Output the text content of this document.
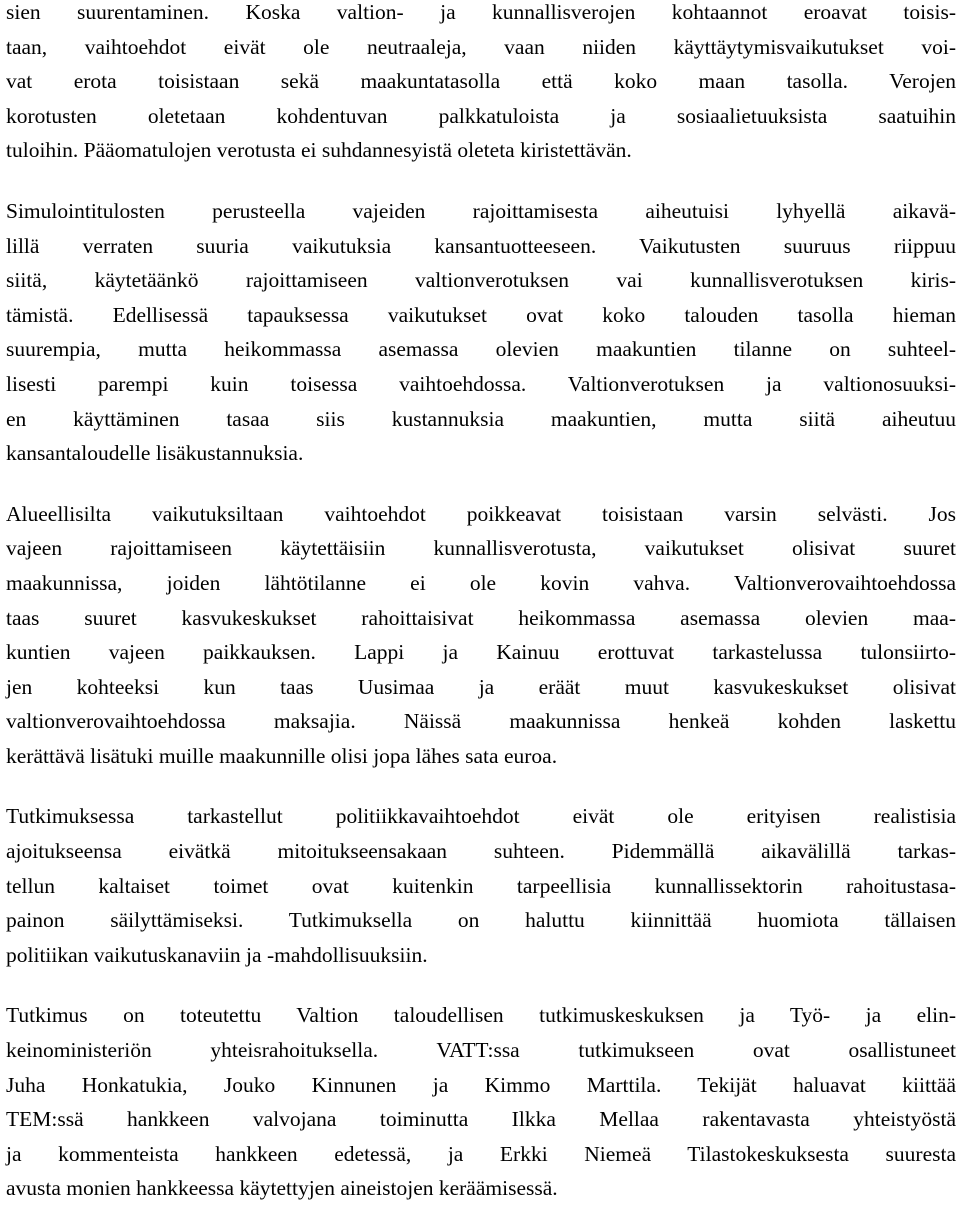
sien suurentaminen. Koska valtion- ja kunnallisverojen kohtaannot eroavat toisis-
taan, vaihtoehdot eivät ole neutraaleja, vaan niiden käyttäytymisvaikutukset voi-
vat erota toisistaan sekä maakuntatasolla että koko maan tasolla. Verojen
korotusten oletetaan kohdentuvan palkkatuloista ja sosiaalietuuksista saatuihin
tuloihin. Pääomatulojen verotusta ei suhdannesyistä oleteta kiristettävän.
Simulointitulosten perusteella vajeiden rajoittamisesta aiheutuisi lyhyellä aikavä-
lillä verraten suuria vaikutuksia kansantuotteeseen. Vaikutusten suuruus riippuu
siitä, käytetäänkö rajoittamiseen valtionverotuksen vai kunnallisverotuksen kiris-
tämistä. Edellisessä tapauksessa vaikutukset ovat koko talouden tasolla hieman
suurempia, mutta heikommassa asemassa olevien maakuntien tilanne on suhteel-
lisesti parempi kuin toisessa vaihtoehdossa. Valtionverotuksen ja valtionosuuksi-
en käyttäminen tasaa siis kustannuksia maakuntien, mutta siitä aiheutuu
kansantaloudelle lisäkustannuksia.
Alueellisilta vaikutuksiltaan vaihtoehdot poikkeavat toisistaan varsin selvästi. Jos
vajeen rajoittamiseen käytettäisiin kunnallisverotusta, vaikutukset olisivat suuret
maakunnissa, joiden lähtötilanne ei ole kovin vahva. Valtionverovaihtoehdossa
taas suuret kasvukeskukset rahoittaisivat heikommassa asemassa olevien maa-
kuntien vajeen paikkauksen. Lappi ja Kainuu erottuvat tarkastelussa tulonsiirto-
jen kohteeksi kun taas Uusimaa ja eräät muut kasvukeskukset olisivat
valtionverovaihtoehdossa maksajia. Näissä maakunnissa henkeä kohden laskettu
kerättävä lisätuki muille maakunnille olisi jopa lähes sata euroa.
Tutkimuksessa tarkastellut politiikkavaihtoehdot eivät ole erityisen realistisia
ajoitukseensa eivätkä mitoitukseensakaan suhteen. Pidemmällä aikavälillä tarkas-
tellun kaltaiset toimet ovat kuitenkin tarpeellisia kunnallissektorin rahoitustasa-
painon säilyttämiseksi. Tutkimuksella on haluttu kiinnittää huomiota tällaisen
politiikan vaikutuskanaviin ja -mahdollisuuksiin.
Tutkimus on toteutettu Valtion taloudellisen tutkimuskeskuksen ja Työ- ja elin-
keinoministeriön yhteisrahoituksella. VATT:ssa tutkimukseen ovat osallistuneet
Juha Honkatukia, Jouko Kinnunen ja Kimmo Marttila. Tekijät haluavat kiittää
TEM:ssä hankkeen valvojana toiminutta Ilkka Mellaa rakentavasta yhteistyöstä
ja kommenteista hankkeen edetessä, ja Erkki Niemeä Tilastokeskuksesta suuresta
avusta monien hankkeessa käytettyjen aineistojen keräämisessä.
